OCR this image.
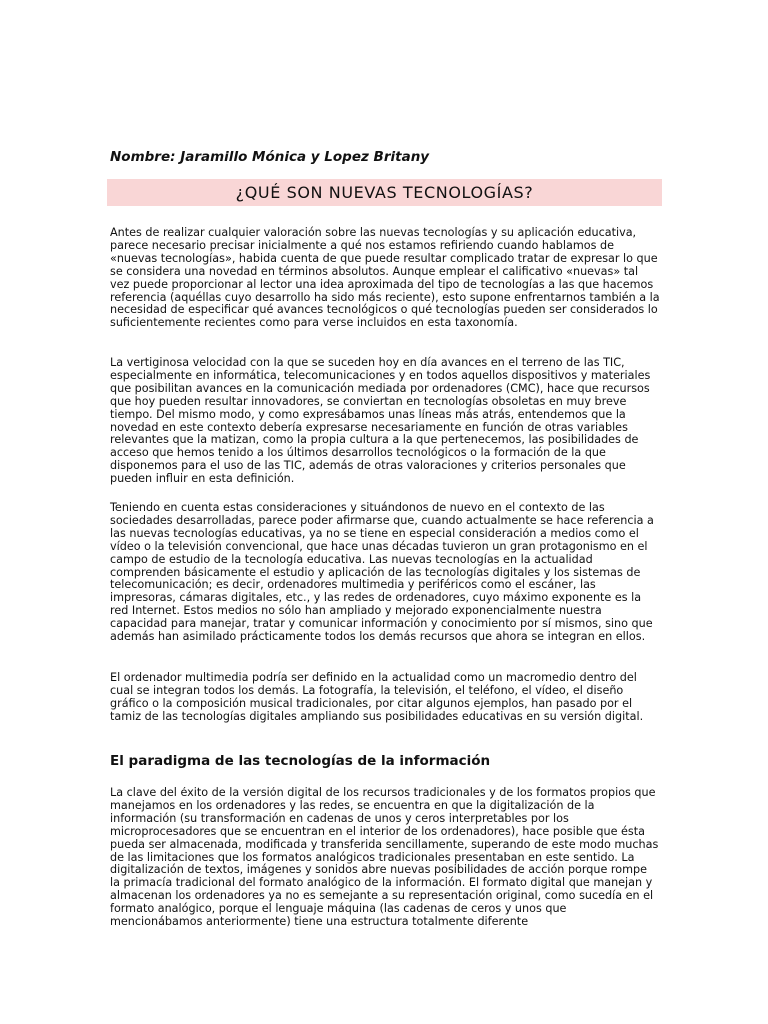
Nombre: Jaramillo Mónica y Lopez Britany
¿QUÉ SON NUEVAS TECNOLOGÍAS?

Antes de realizar cualquier valoración sobre las nuevas tecnologías y su aplicación educativa, parece necesario precisar inicialmente a qué nos estamos refiriendo cuando hablamos de «nuevas tecnologías», habida cuenta de que puede resultar complicado tratar de expresar lo que se considera una novedad en términos absolutos. Aunque emplear el calificativo «nuevas» tal vez puede proporcionar al lector una idea aproximada del tipo de tecnologías a las que hacemos referencia (aquéllas cuyo desarrollo ha sido más reciente), esto supone enfrentarnos también a la necesidad de especificar qué avances tecnológicos o qué tecnologías pueden ser considerados lo suficientemente recientes como para verse incluidos en esta taxonomía.

La vertiginosa velocidad con la que se suceden hoy en día avances en el terreno de las TIC, especialmente en informática, telecomunicaciones y en todos aquellos dispositivos y materiales que posibilitan avances en la comunicación mediada por ordenadores (CMC), hace que recursos que hoy pueden resultar innovadores, se conviertan en tecnologías obsoletas en muy breve tiempo. Del mismo modo, y como expresábamos unas líneas más atrás, entendemos que la novedad en este contexto debería expresarse necesariamente en función de otras variables relevantes que la matizan, como la propia cultura a la que pertenecemos, las posibilidades de acceso que hemos tenido a los últimos desarrollos tecnológicos o la formación de la que disponemos para el uso de las TIC, además de otras valoraciones y criterios personales que pueden influir en esta definición.

Teniendo en cuenta estas consideraciones y situándonos de nuevo en el contexto de las sociedades desarrolladas, parece poder afirmarse que, cuando actualmente se hace referencia a las nuevas tecnologías educativas, ya no se tiene en especial consideración a medios como el vídeo o la televisión convencional, que hace unas décadas tuvieron un gran protagonismo en el campo de estudio de la tecnología educativa. Las nuevas tecnologías en la actualidad comprenden básicamente el estudio y aplicación de las tecnologías digitales y los sistemas de telecomunicación; es decir, ordenadores multimedia y periféricos como el escáner, las impresoras, cámaras digitales, etc., y las redes de ordenadores, cuyo máximo exponente es la red Internet. Estos medios no sólo han ampliado y mejorado exponencialmente nuestra capacidad para manejar, tratar y comunicar información y conocimiento por sí mismos, sino que además han asimilado prácticamente todos los demás recursos que ahora se integran en ellos.

El ordenador multimedia podría ser definido en la actualidad como un macromedio dentro del cual se integran todos los demás. La fotografía, la televisión, el teléfono, el vídeo, el diseño gráfico o la composición musical tradicionales, por citar algunos ejemplos, han pasado por el tamiz de las tecnologías digitales ampliando sus posibilidades educativas en su versión digital.

El paradigma de las tecnologías de la información

La clave del éxito de la versión digital de los recursos tradicionales y de los formatos propios que manejamos en los ordenadores y las redes, se encuentra en que la digitalización de la información (su transformación en cadenas de unos y ceros interpretables por los microprocesadores que se encuentran en el interior de los ordenadores), hace posible que ésta pueda ser almacenada, modificada y transferida sencillamente, superando de este modo muchas de las limitaciones que los formatos analógicos tradicionales presentaban en este sentido. La digitalización de textos, imágenes y sonidos abre nuevas posibilidades de acción porque rompe la primacía tradicional del formato analógico de la información. El formato digital que manejan y almacenan los ordenadores ya no es semejante a su representación original, como sucedía en el formato analógico, porque el lenguaje máquina (las cadenas de ceros y unos que mencionábamos anteriormente) tiene una estructura totalmente diferente
